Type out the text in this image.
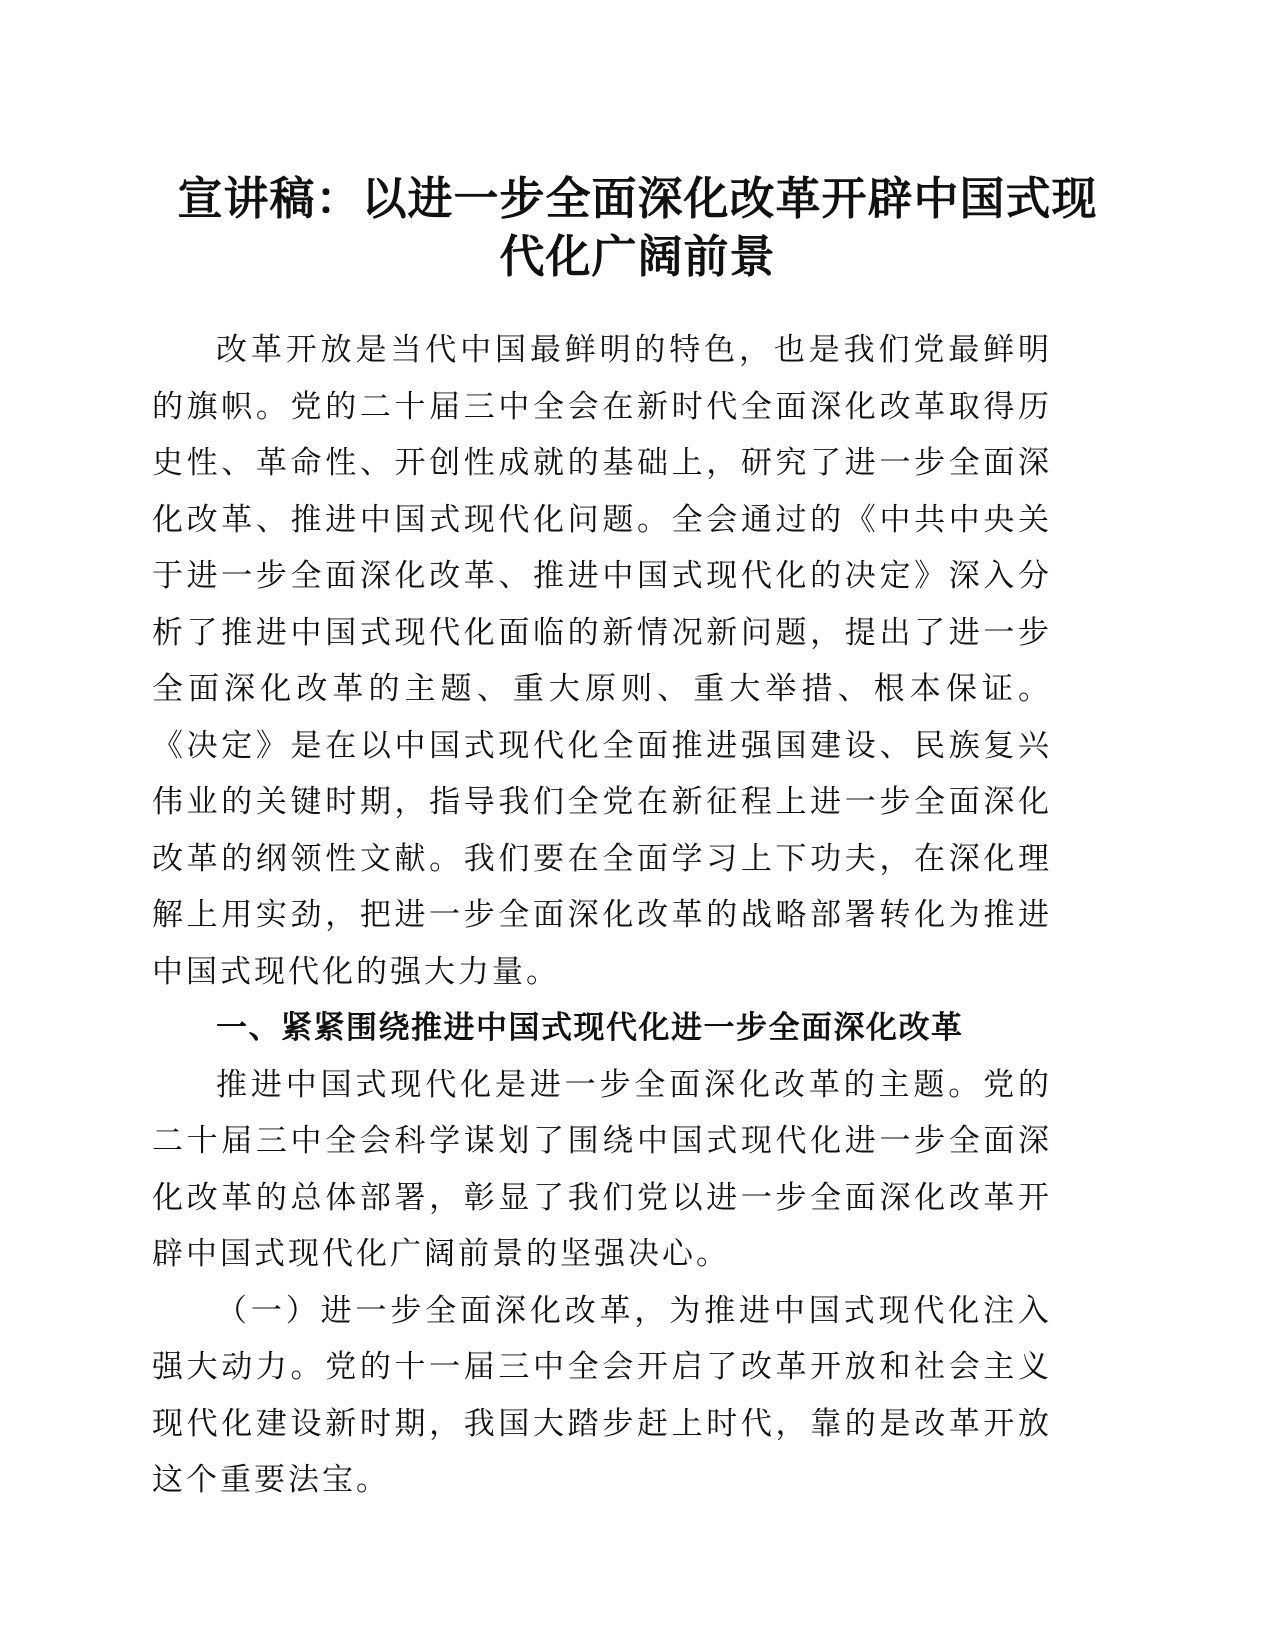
宣讲稿：以进一步全面深化改革开辟中国式现
代化广阔前景

改革开放是当代中国最鲜明的特色，也是我们党最鲜明的旗帜。党的二十届三中全会在新时代全面深化改革取得历史性、革命性、开创性成就的基础上，研究了进一步全面深化改革、推进中国式现代化问题。全会通过的《中共中央关于进一步全面深化改革、推进中国式现代化的决定》深入分析了推进中国式现代化面临的新情况新问题，提出了进一步全面深化改革的主题、重大原则、重大举措、根本保证。《决定》是在以中国式现代化全面推进强国建设、民族复兴伟业的关键时期，指导我们全党在新征程上进一步全面深化改革的纲领性文献。我们要在全面学习上下功夫，在深化理解上用实劲，把进一步全面深化改革的战略部署转化为推进中国式现代化的强大力量。

一、紧紧围绕推进中国式现代化进一步全面深化改革

推进中国式现代化是进一步全面深化改革的主题。党的二十届三中全会科学谋划了围绕中国式现代化进一步全面深化改革的总体部署，彰显了我们党以进一步全面深化改革开辟中国式现代化广阔前景的坚强决心。

（一）进一步全面深化改革，为推进中国式现代化注入强大动力。党的十一届三中全会开启了改革开放和社会主义现代化建设新时期，我国大踏步赶上时代，靠的是改革开放这个重要法宝。
